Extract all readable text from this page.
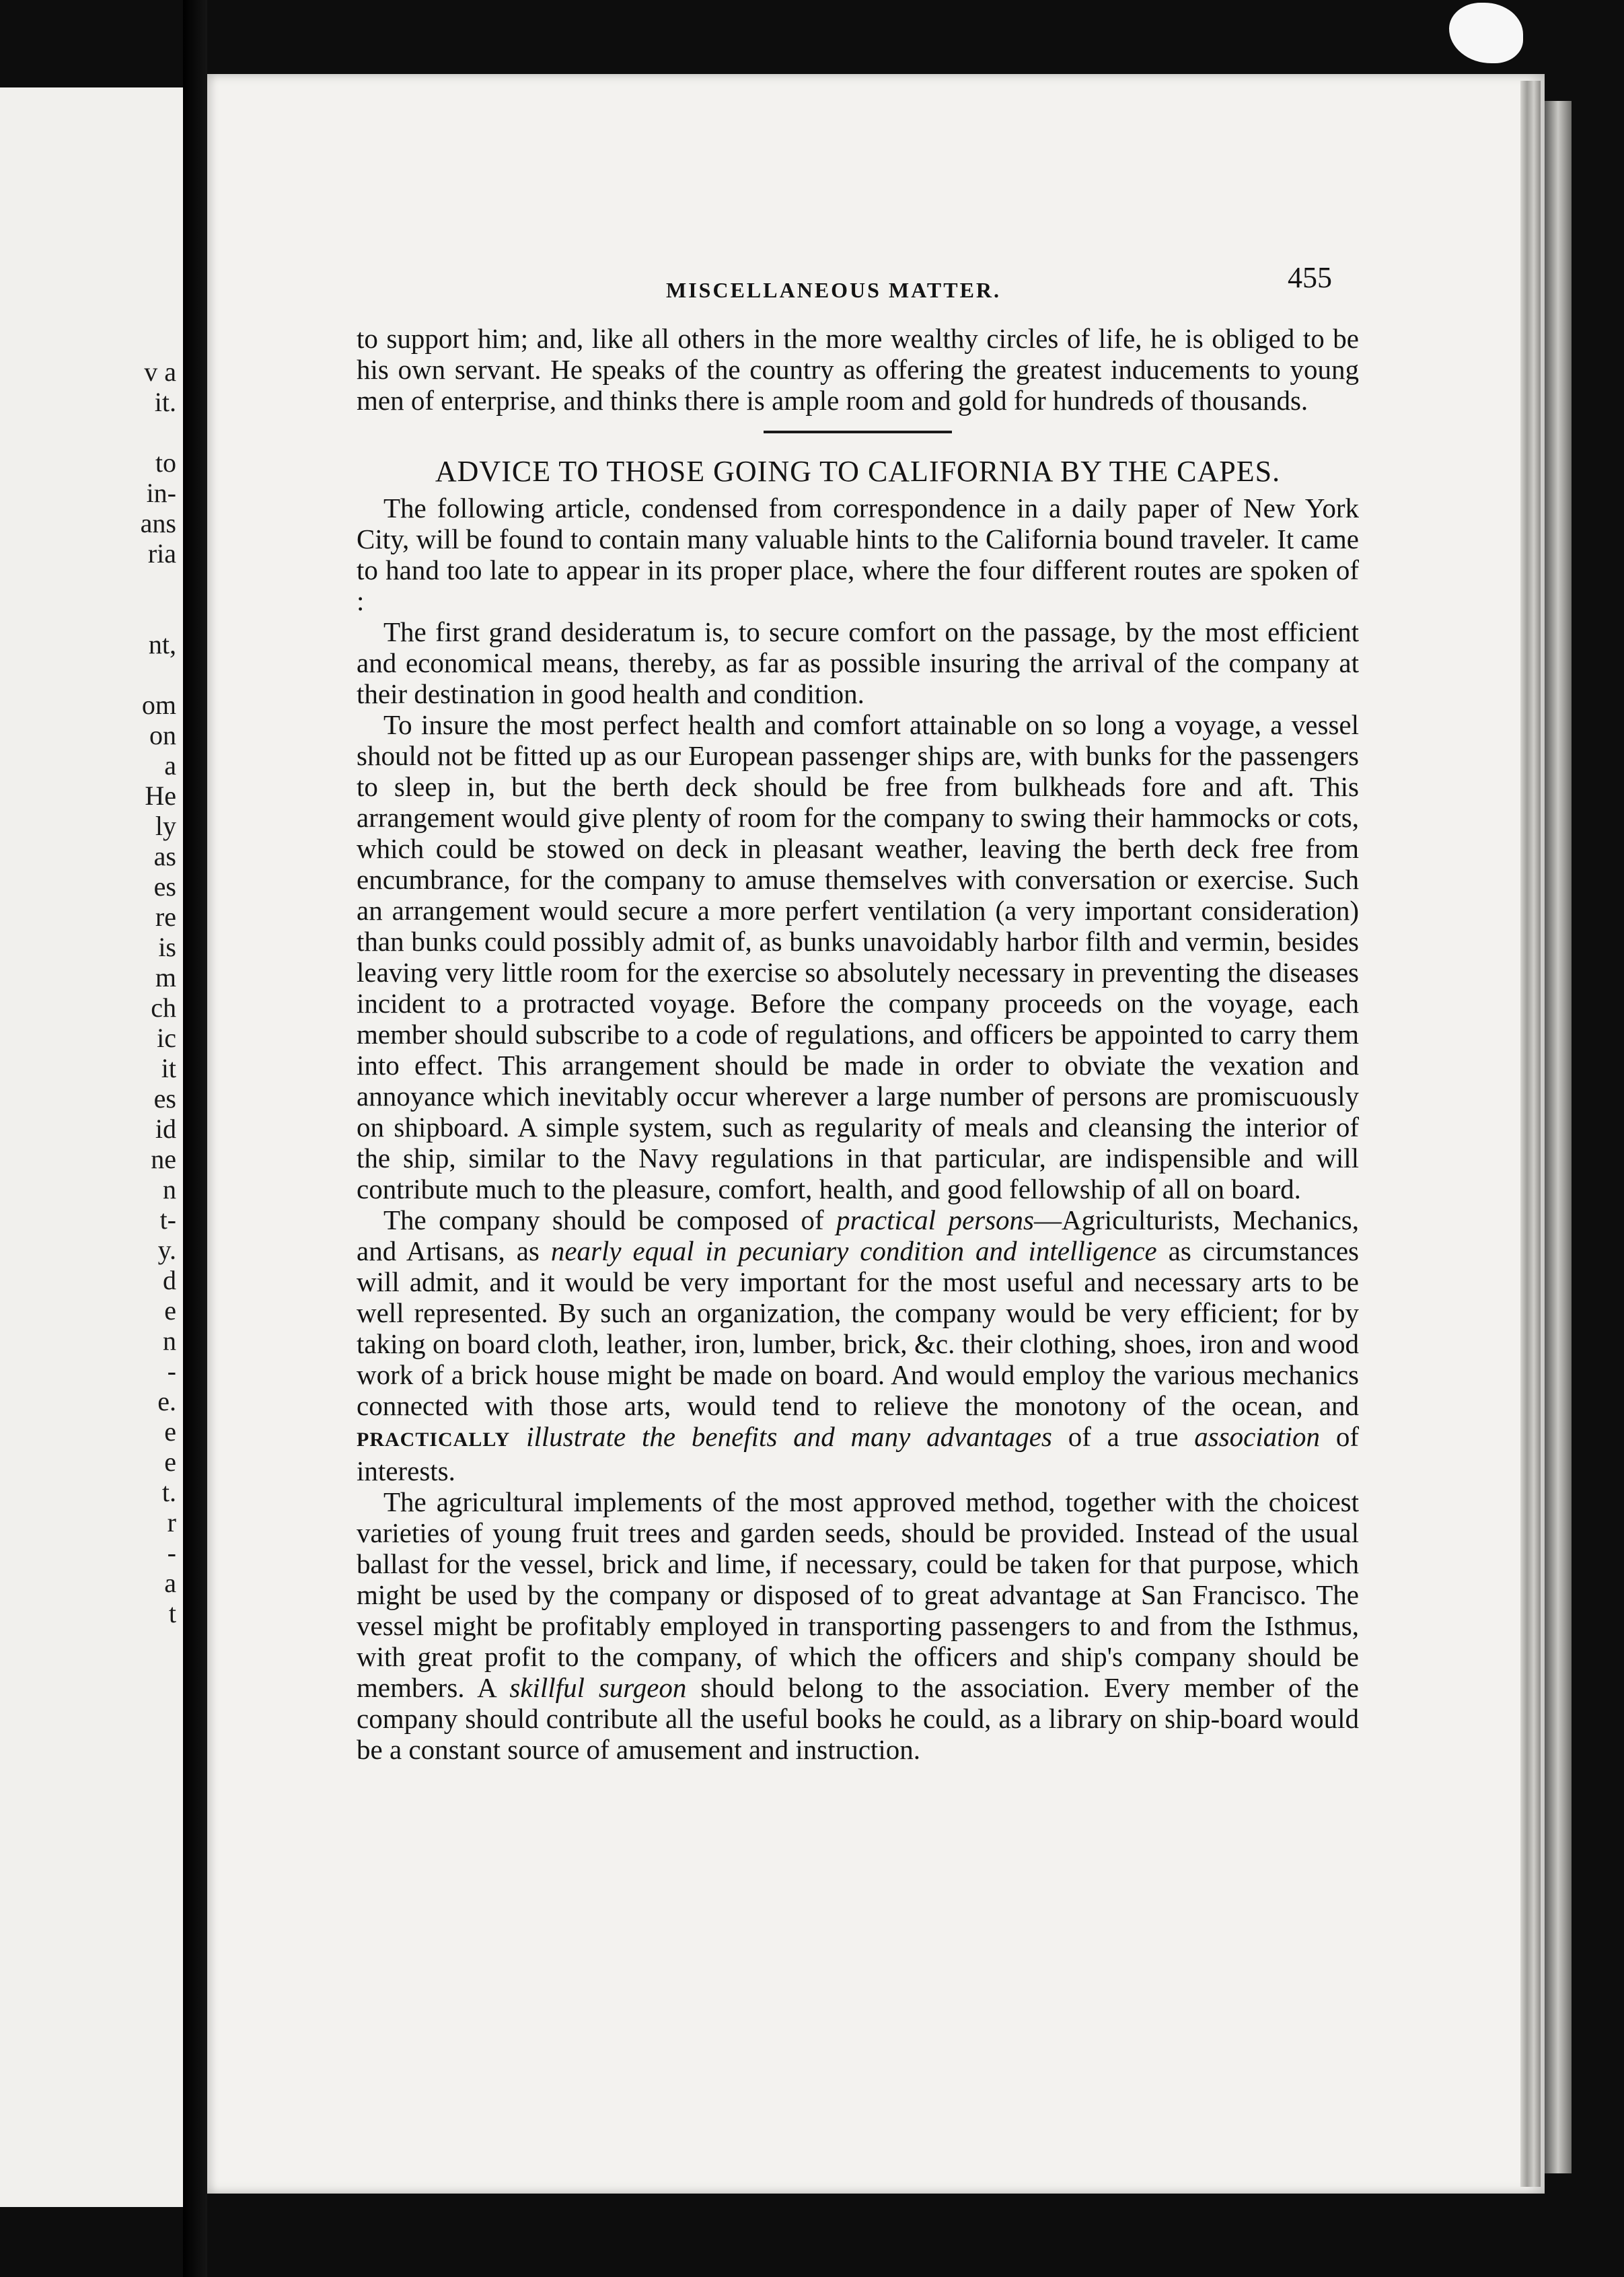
v a
it.
to
in-
ans
ria
nt,
om
on
a
He
ly
as
es
re
is
m
ch
ic
it
es
id
ne
n
t-
y.
d
e
n
-
e.
e
e
t.
r
-
a
t
MISCELLANEOUS MATTER.	455

to support him; and, like all others in the more wealthy circles of life, he is obliged to be his own servant. He speaks of the country as offering the greatest inducements to young men of enterprise, and thinks there is ample room and gold for hundreds of thousands.

ADVICE TO THOSE GOING TO CALIFORNIA BY THE CAPES.

The following article, condensed from correspondence in a daily paper of New York City, will be found to contain many valuable hints to the California bound traveler. It came to hand too late to appear in its proper place, where the four different routes are spoken of :

The first grand desideratum is, to secure comfort on the passage, by the most efficient and economical means, thereby, as far as possible insuring the arrival of the company at their destination in good health and condition.

To insure the most perfect health and comfort attainable on so long a voyage, a vessel should not be fitted up as our European passenger ships are, with bunks for the passengers to sleep in, but the berth deck should be free from bulkheads fore and aft. This arrangement would give plenty of room for the company to swing their hammocks or cots, which could be stowed on deck in pleasant weather, leaving the berth deck free from encumbrance, for the company to amuse themselves with conversation or exercise. Such an arrangement would secure a more perfert ventilation (a very important consideration) than bunks could possibly admit of, as bunks unavoidably harbor filth and vermin, besides leaving very little room for the exercise so absolutely necessary in preventing the diseases incident to a protracted voyage. Before the company proceeds on the voyage, each member should subscribe to a code of regulations, and officers be appointed to carry them into effect. This arrangement should be made in order to obviate the vexation and annoyance which inevitably occur wherever a large number of persons are promiscuously on shipboard. A simple system, such as regularity of meals and cleansing the interior of the ship, similar to the Navy regulations in that particular, are indispensible and will contribute much to the pleasure, comfort, health, and good fellowship of all on board.

The company should be composed of practical persons—Agriculturists, Mechanics, and Artisans, as nearly equal in pecuniary condition and intelligence as circumstances will admit, and it would be very important for the most useful and necessary arts to be well represented. By such an organization, the company would be very efficient; for by taking on board cloth, leather, iron, lumber, brick, &c. their clothing, shoes, iron and wood work of a brick house might be made on board. And would employ the various mechanics connected with those arts, would tend to relieve the monotony of the ocean, and PRACTICALLY illustrate the benefits and many advantages of a true association of interests.

The agricultural implements of the most approved method, together with the choicest varieties of young fruit trees and garden seeds, should be provided. Instead of the usual ballast for the vessel, brick and lime, if necessary, could be taken for that purpose, which might be used by the company or disposed of to great advantage at San Francisco. The vessel might be profitably employed in transporting passengers to and from the Isthmus, with great profit to the company, of which the officers and ship's company should be members. A skillful surgeon should belong to the association. Every member of the company should contribute all the useful books he could, as a library on ship-board would be a constant source of amusement and instruction.
